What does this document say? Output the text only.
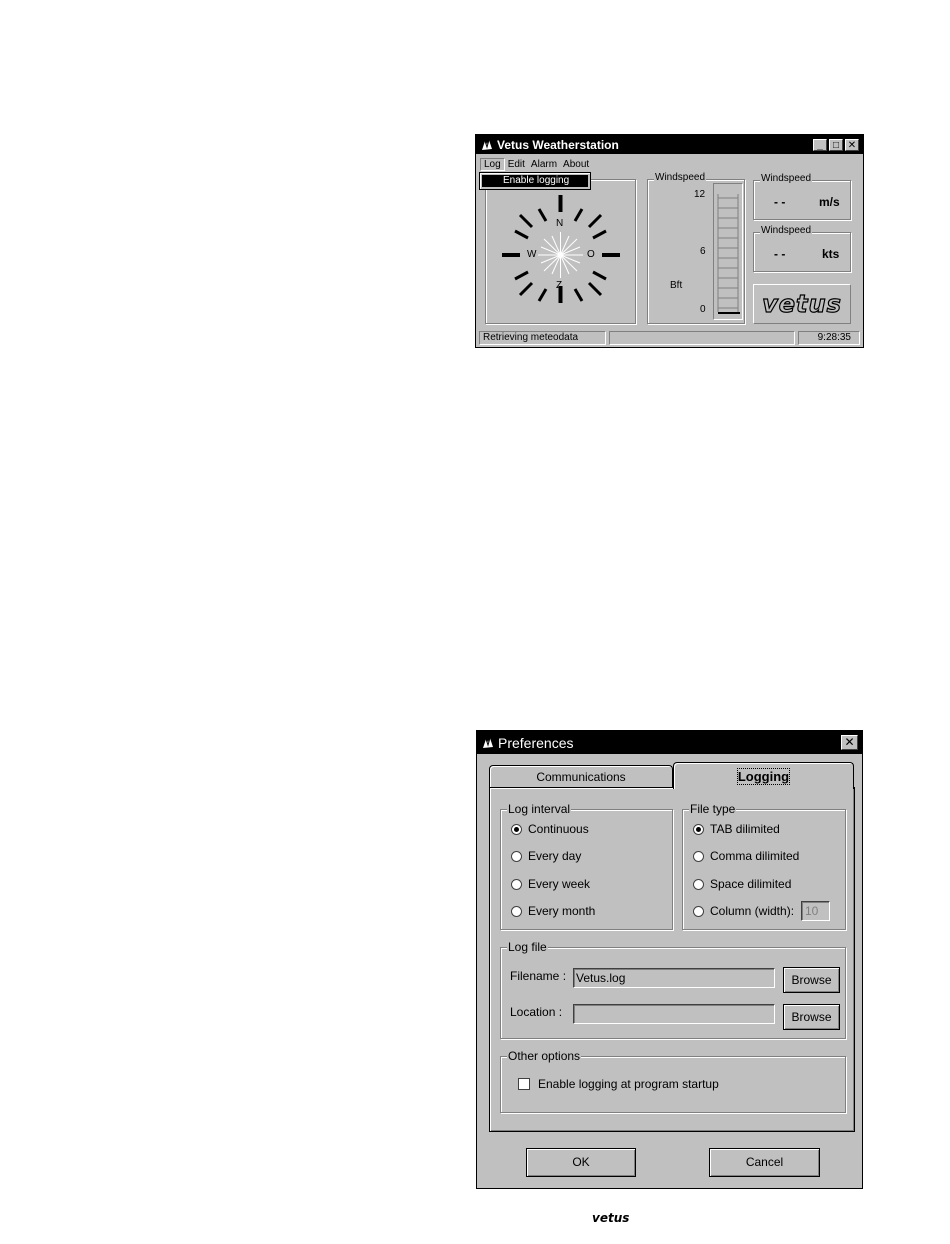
Vetus Weatherstation	_	□ ✕
Log Edit Alarm About
N
W	O
Z
Enable logging	Windspeed
12
6
Bft
0
Windspeed
- -	m/s
Windspeed
- -	kts
vetus
Retrieving meteodata	9:28:35
Preferences	✕
Communications	Logging
Log interval
Continuous
Every day
Every week
Every month
File type
TAB dilimited
Comma dilimited
Space dilimited
Column (width): 10
Log file
Filename : Vetus.log	Browse
Location :	Browse
Other options
Enable logging at program startup
OK	Cancel
vetus
